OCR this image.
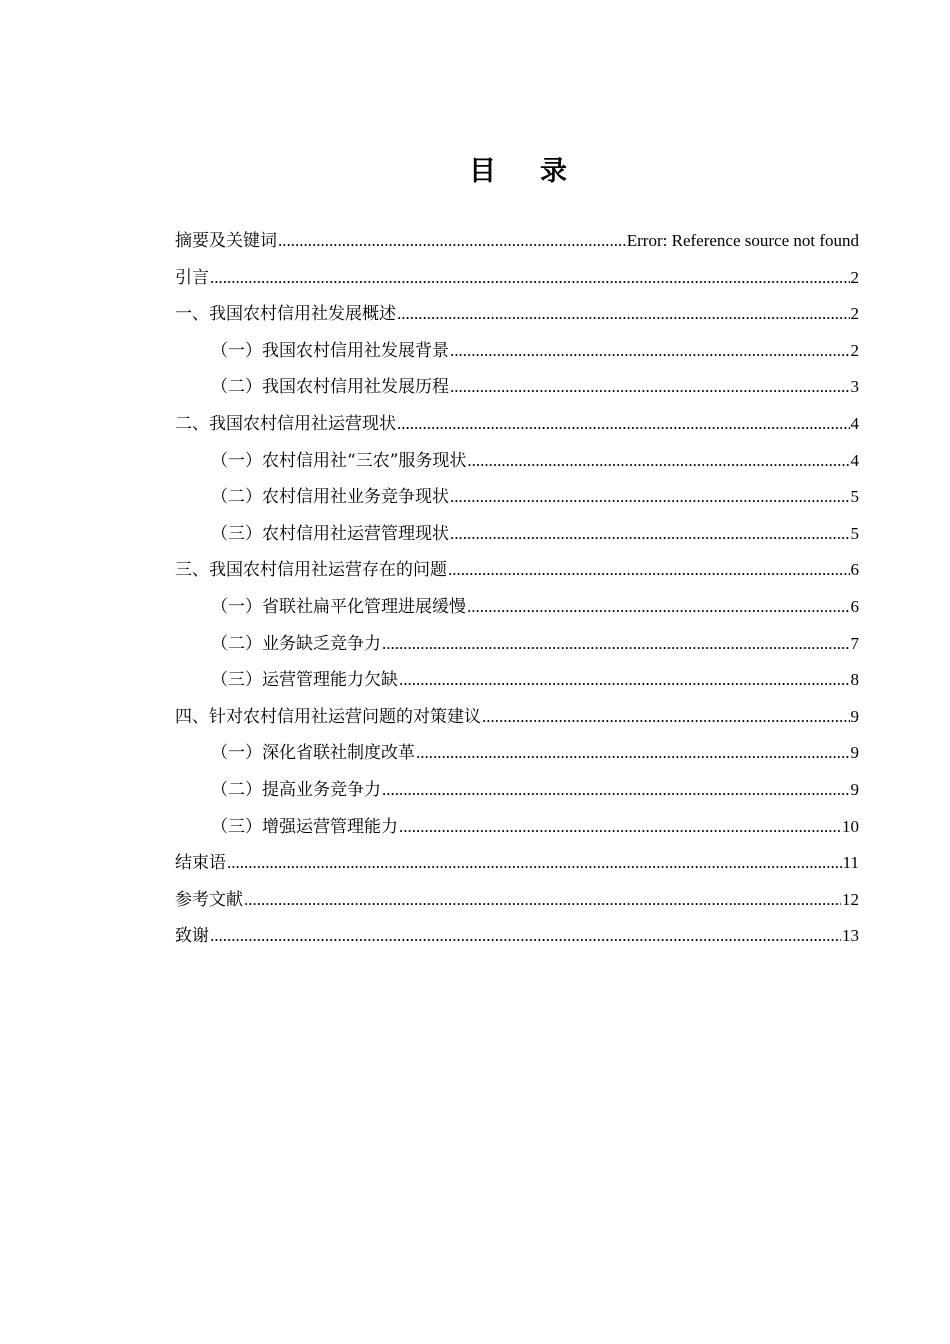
目 录
摘要及关键词 .....	Error: Reference source not found
引言 .....	2
一、我国农村信用社发展概述 .....	2
（一）我国农村信用社发展背景 .....	2
（二）我国农村信用社发展历程 .....	3
二、我国农村信用社运营现状 .....	4
（一）农村信用社“三农”服务现状 .....	4
（二）农村信用社业务竞争现状 .....	5
（三）农村信用社运营管理现状 .....	5
三、我国农村信用社运营存在的问题 .....	6
（一）省联社扁平化管理进展缓慢 .....	6
（二）业务缺乏竞争力 .....	7
（三）运营管理能力欠缺 .....	8
四、针对农村信用社运营问题的对策建议 .....	9
（一）深化省联社制度改革 .....	9
（二）提高业务竞争力 .....	9
（三）增强运营管理能力 .....	10
结束语 .....	11
参考文献 .....	12
致谢 .....	13
